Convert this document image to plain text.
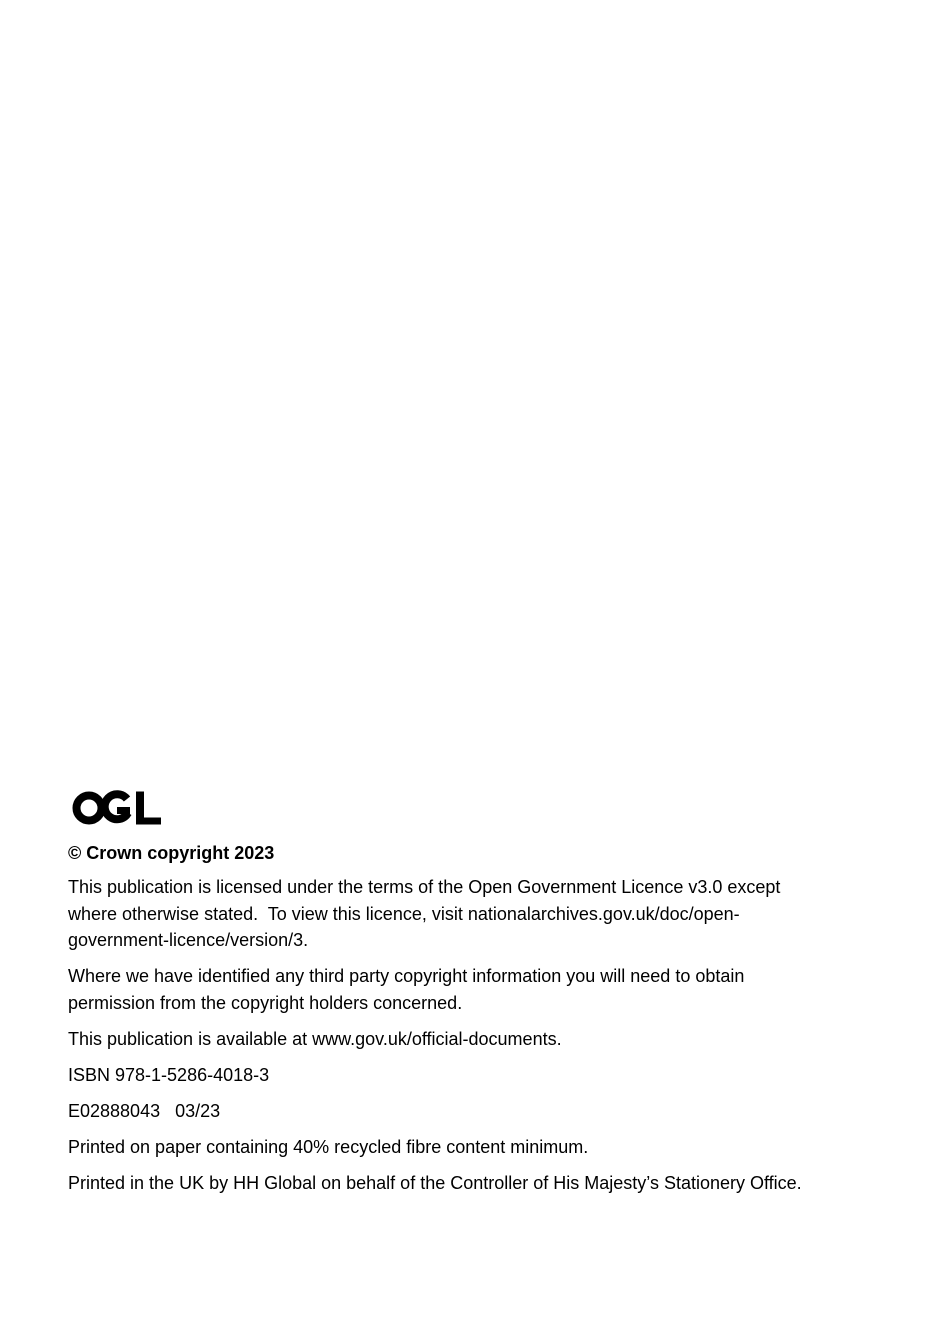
© Crown copyright 2023

This publication is licensed under the terms of the Open Government Licence v3.0 except
where otherwise stated.  To view this licence, visit nationalarchives.gov.uk/doc/open-
government-licence/version/3.

Where we have identified any third party copyright information you will need to obtain
permission from the copyright holders concerned.

This publication is available at www.gov.uk/official-documents.

ISBN 978-1-5286-4018-3

E02888043   03/23

Printed on paper containing 40% recycled fibre content minimum.

Printed in the UK by HH Global on behalf of the Controller of His Majesty’s Stationery Office.
